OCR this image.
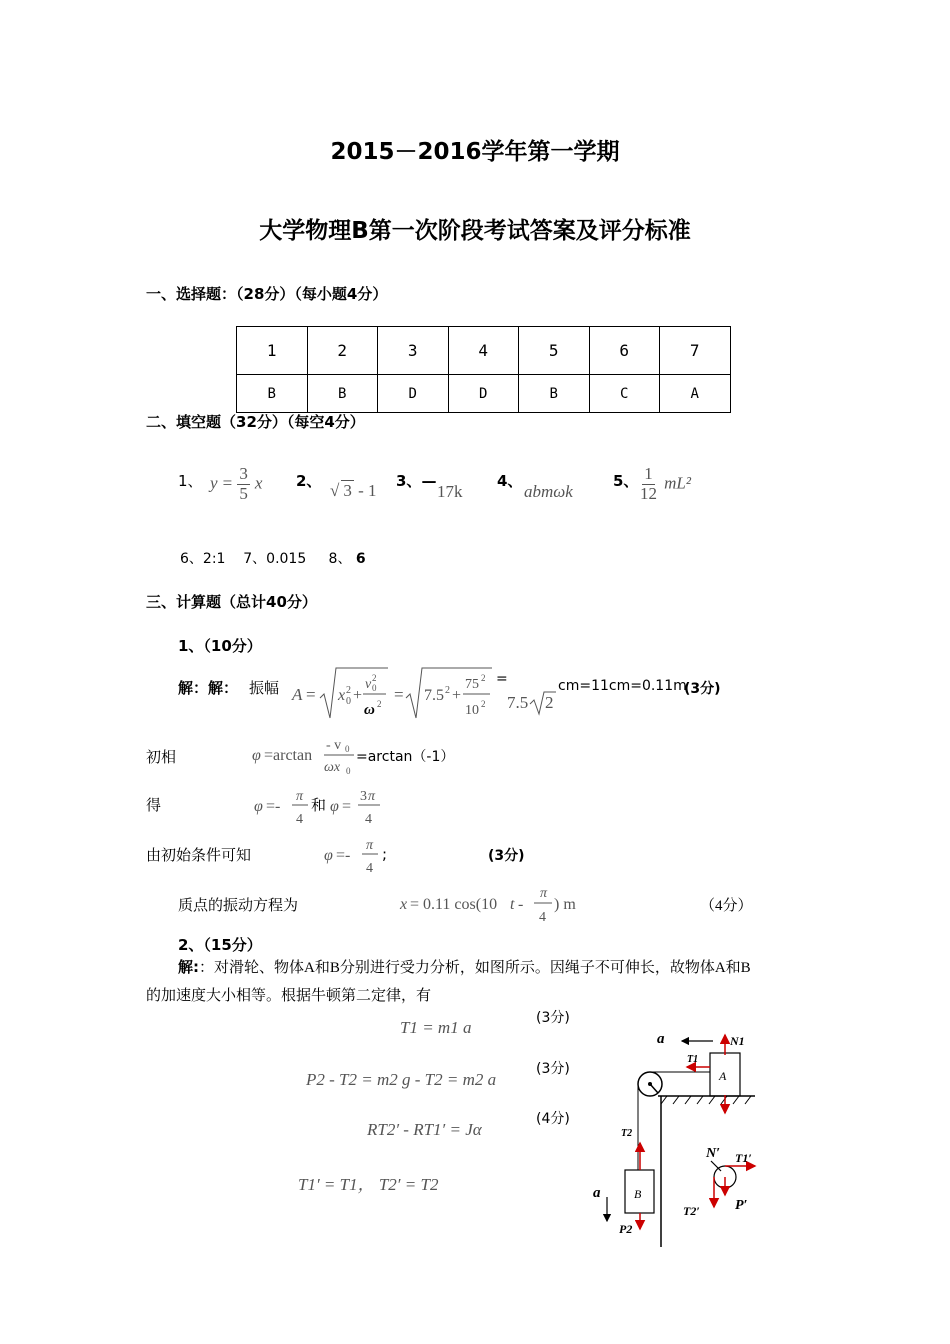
2015－2016学年第一学期
大学物理B第一次阶段考试答案及评分标准
一、选择题：（28分）（每小题4分）
1	2	3	4	5	6	7
B	B	D	D	B	C	A
二、填空题（32分）（每空4分）
1、 $y = \frac{3}{5}$ x 2、 √ 3 - 1 3、—
17k
4、
abmωk
5、 $\frac{1}{12} mL^2$
6、2:1 7、0.015 8、 6
三、计算题（总计40分）
1、（10分）
解：解： 振幅 A = x 0
2 +
v 0
2
ω 2 = 7.5 2 +
75 2
10 2 7.5 2
=	cm=11cm=0.11m
(3分)
初相	φ =arctan
- v 0
ωx 0
=arctan（-1）
得	φ =-
π
4
和 φ =
3 π
4
由初始条件可知	φ =-
π
4
;	(3分)
质点的振动方程为	x = 0.11 cos(10 t -
π
4
) m	（4分）
2、（15分）
解:：对滑轮、物体A和B分别进行受力分析，如图所示。因绳子不可伸长，故物体A和B
的加速度大小相等。根据牛顿第二定律，有
T1 = m1 a	(3分)
P2 - T2 = m2 g - T2 = m2 a
(3分)
RT2′ - RT1′ = Jα
(4分)
T1′ = T1， T2′ = T2
A
B
a	N1
T1
T2
a
P2
N′ T1′
T2′	P′
